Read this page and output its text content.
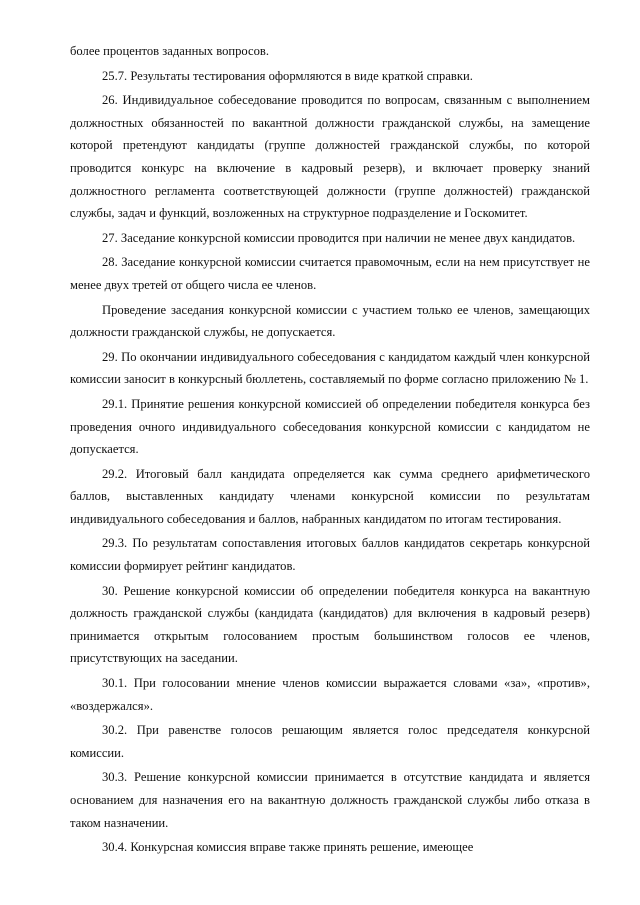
более процентов заданных вопросов.

25.7. Результаты тестирования оформляются в виде краткой справки.

26. Индивидуальное собеседование проводится по вопросам, связанным с выполнением должностных обязанностей по вакантной должности гражданской службы, на замещение которой претендуют кандидаты (группе должностей гражданской службы, по которой проводится конкурс на включение в кадровый резерв), и включает проверку знаний должностного регламента соответствующей должности (группе должностей) гражданской службы, задач и функций, возложенных на структурное подразделение и Госкомитет.

27. Заседание конкурсной комиссии проводится при наличии не менее двух кандидатов.

28. Заседание конкурсной комиссии считается правомочным, если на нем присутствует не менее двух третей от общего числа ее членов.

Проведение заседания конкурсной комиссии с участием только ее членов, замещающих должности гражданской службы, не допускается.

29. По окончании индивидуального собеседования с кандидатом каждый член конкурсной комиссии заносит в конкурсный бюллетень, составляемый по форме согласно приложению № 1.

29.1. Принятие решения конкурсной комиссией об определении победителя конкурса без проведения очного индивидуального собеседования конкурсной комиссии с кандидатом не допускается.

29.2. Итоговый балл кандидата определяется как сумма среднего арифметического баллов, выставленных кандидату членами конкурсной комиссии по результатам индивидуального собеседования и баллов, набранных кандидатом по итогам тестирования.

29.3. По результатам сопоставления итоговых баллов кандидатов секретарь конкурсной комиссии формирует рейтинг кандидатов.

30. Решение конкурсной комиссии об определении победителя конкурса на вакантную должность гражданской службы (кандидата (кандидатов) для включения в кадровый резерв) принимается открытым голосованием простым большинством голосов ее членов, присутствующих на заседании.

30.1. При голосовании мнение членов комиссии выражается словами «за», «против», «воздержался».

30.2. При равенстве голосов решающим является голос председателя конкурсной комиссии.

30.3. Решение конкурсной комиссии принимается в отсутствие кандидата и является основанием для назначения его на вакантную должность гражданской службы либо отказа в таком назначении.

30.4. Конкурсная комиссия вправе также принять решение, имеющее
